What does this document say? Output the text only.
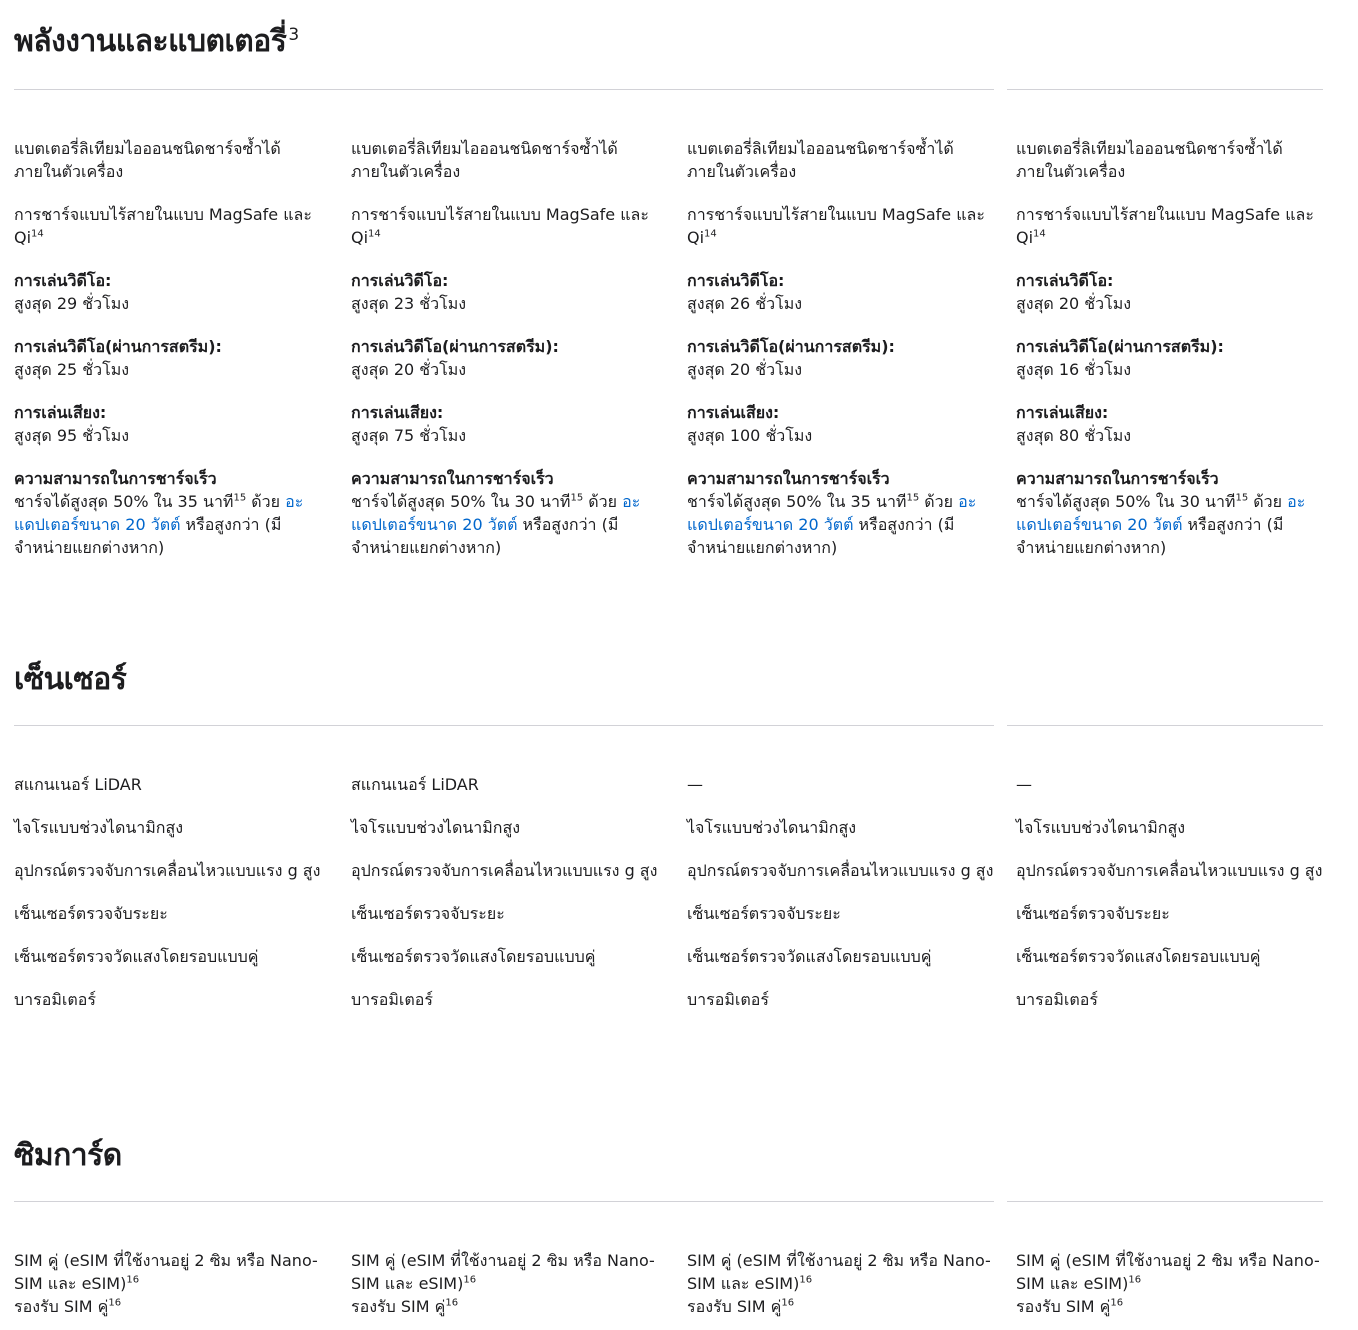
พลังงานและแบตเตอรี่ $^3$

แบตเตอรี่ลิเทียมไอออนชนิดชาร์จซ้ำได้ภายในตัวเครื่อง

การชาร์จแบบไร้สายในแบบ MagSafe และ Qi$^{14}$

การเล่นวิดีโอ:
สูงสุด 29 ชั่วโมง

การเล่นวิดีโอ(ผ่านการสตรีม):
สูงสุด 25 ชั่วโมง

การเล่นเสียง:
สูงสุด 95 ชั่วโมง

ความสามารถในการชาร์จเร็ว
ชาร์จได้สูงสุด 50% ใน 35 นาที$^{15}$ ด้วย อะแดปเตอร์ขนาด 20 วัตต์ หรือสูงกว่า (มีจำหน่ายแยกต่างหาก)

แบตเตอรี่ลิเทียมไอออนชนิดชาร์จซ้ำได้ภายในตัวเครื่อง

การชาร์จแบบไร้สายในแบบ MagSafe และ Qi$^{14}$

การเล่นวิดีโอ:
สูงสุด 23 ชั่วโมง

การเล่นวิดีโอ(ผ่านการสตรีม):
สูงสุด 20 ชั่วโมง

การเล่นเสียง:
สูงสุด 75 ชั่วโมง

ความสามารถในการชาร์จเร็ว
ชาร์จได้สูงสุด 50% ใน 30 นาที$^{15}$ ด้วย อะแดปเตอร์ขนาด 20 วัตต์ หรือสูงกว่า (มีจำหน่ายแยกต่างหาก)

แบตเตอรี่ลิเทียมไอออนชนิดชาร์จซ้ำได้ภายในตัวเครื่อง

การชาร์จแบบไร้สายในแบบ MagSafe และ Qi$^{14}$

การเล่นวิดีโอ:
สูงสุด 26 ชั่วโมง

การเล่นวิดีโอ(ผ่านการสตรีม):
สูงสุด 20 ชั่วโมง

การเล่นเสียง:
สูงสุด 100 ชั่วโมง

ความสามารถในการชาร์จเร็ว
ชาร์จได้สูงสุด 50% ใน 35 นาที$^{15}$ ด้วย อะแดปเตอร์ขนาด 20 วัตต์ หรือสูงกว่า (มีจำหน่ายแยกต่างหาก)

แบตเตอรี่ลิเทียมไอออนชนิดชาร์จซ้ำได้ภายในตัวเครื่อง

การชาร์จแบบไร้สายในแบบ MagSafe และ Qi$^{14}$

การเล่นวิดีโอ:
สูงสุด 20 ชั่วโมง

การเล่นวิดีโอ(ผ่านการสตรีม):
สูงสุด 16 ชั่วโมง

การเล่นเสียง:
สูงสุด 80 ชั่วโมง

ความสามารถในการชาร์จเร็ว
ชาร์จได้สูงสุด 50% ใน 30 นาที$^{15}$ ด้วย อะแดปเตอร์ขนาด 20 วัตต์ หรือสูงกว่า (มีจำหน่ายแยกต่างหาก)

เซ็นเซอร์

สแกนเนอร์ LiDAR

ไจโรแบบช่วงไดนามิกสูง

อุปกรณ์ตรวจจับการเคลื่อนไหวแบบแรง g สูง

เซ็นเซอร์ตรวจจับระยะ

เซ็นเซอร์ตรวจวัดแสงโดยรอบแบบคู่

บารอมิเตอร์

สแกนเนอร์ LiDAR

ไจโรแบบช่วงไดนามิกสูง

อุปกรณ์ตรวจจับการเคลื่อนไหวแบบแรง g สูง

เซ็นเซอร์ตรวจจับระยะ

เซ็นเซอร์ตรวจวัดแสงโดยรอบแบบคู่

บารอมิเตอร์

—

ไจโรแบบช่วงไดนามิกสูง

อุปกรณ์ตรวจจับการเคลื่อนไหวแบบแรง g สูง

เซ็นเซอร์ตรวจจับระยะ

เซ็นเซอร์ตรวจวัดแสงโดยรอบแบบคู่

บารอมิเตอร์

—

ไจโรแบบช่วงไดนามิกสูง

อุปกรณ์ตรวจจับการเคลื่อนไหวแบบแรง g สูง

เซ็นเซอร์ตรวจจับระยะ

เซ็นเซอร์ตรวจวัดแสงโดยรอบแบบคู่

บารอมิเตอร์

ซิมการ์ด

SIM คู่ (eSIM ที่ใช้งานอยู่ 2 ซิม หรือ Nano-SIM และ eSIM)$^{16}$
รองรับ SIM คู่$^{16}$

SIM คู่ (eSIM ที่ใช้งานอยู่ 2 ซิม หรือ Nano-SIM และ eSIM)$^{16}$
รองรับ SIM คู่$^{16}$

SIM คู่ (eSIM ที่ใช้งานอยู่ 2 ซิม หรือ Nano-SIM และ eSIM)$^{16}$
รองรับ SIM คู่$^{16}$

SIM คู่ (eSIM ที่ใช้งานอยู่ 2 ซิม หรือ Nano-SIM และ eSIM)$^{16}$
รองรับ SIM คู่$^{16}$
